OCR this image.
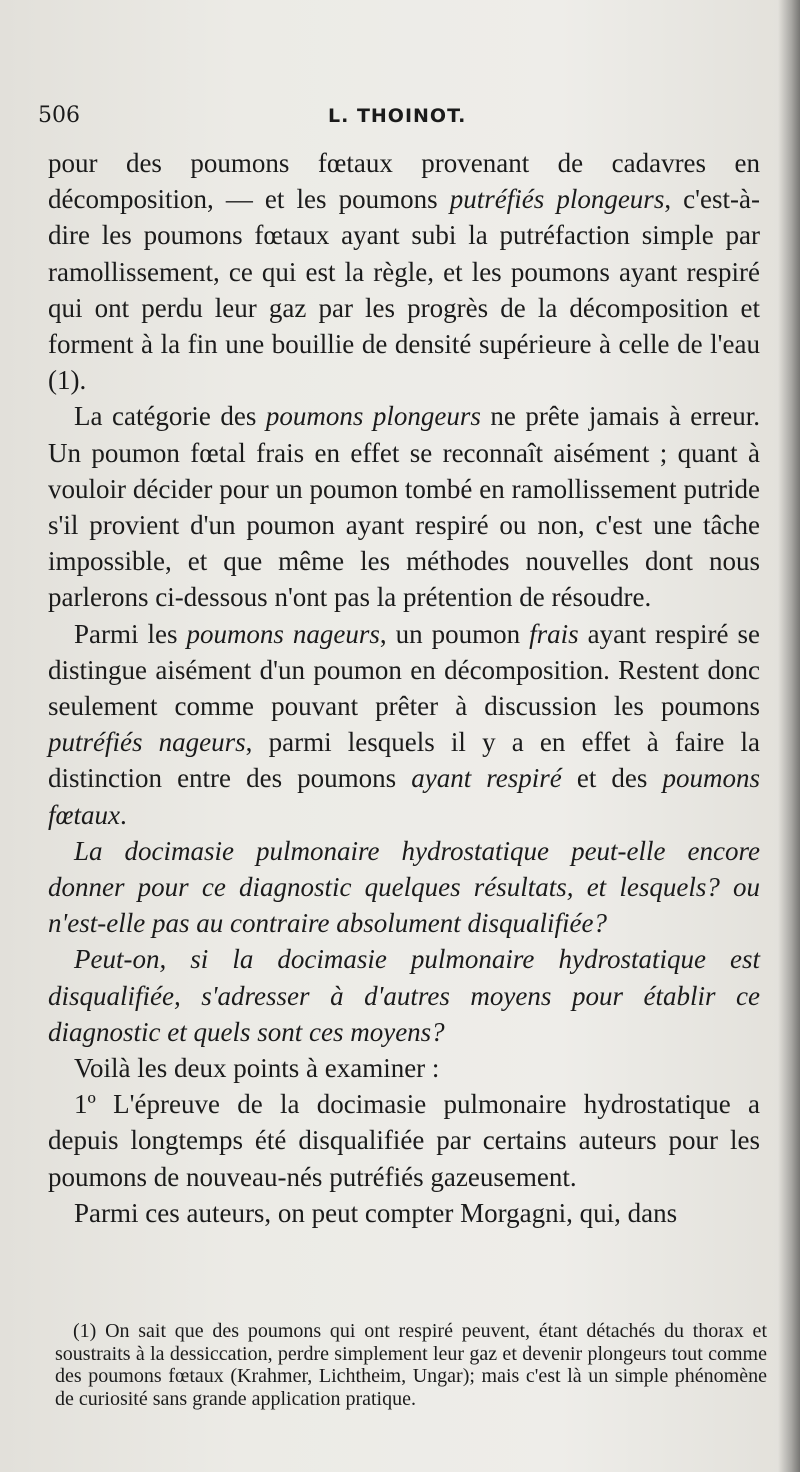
506	L. THOINOT.

pour des poumons fœtaux provenant de cadavres en décomposition, — et les poumons putréfiés plongeurs, c'est-à-dire les poumons fœtaux ayant subi la putréfaction simple par ramollissement, ce qui est la règle, et les poumons ayant respiré qui ont perdu leur gaz par les progrès de la décomposition et forment à la fin une bouillie de densité supérieure à celle de l'eau (1).

La catégorie des poumons plongeurs ne prête jamais à erreur. Un poumon fœtal frais en effet se reconnaît aisément ; quant à vouloir décider pour un poumon tombé en ramollissement putride s'il provient d'un poumon ayant respiré ou non, c'est une tâche impossible, et que même les méthodes nouvelles dont nous parlerons ci-dessous n'ont pas la prétention de résoudre.

Parmi les poumons nageurs, un poumon frais ayant respiré se distingue aisément d'un poumon en décomposition. Restent donc seulement comme pouvant prêter à discussion les poumons putréfiés nageurs, parmi lesquels il y a en effet à faire la distinction entre des poumons ayant respiré et des poumons fœtaux.

La docimasie pulmonaire hydrostatique peut-elle encore donner pour ce diagnostic quelques résultats, et lesquels? ou n'est-elle pas au contraire absolument disqualifiée?

Peut-on, si la docimasie pulmonaire hydrostatique est disqualifiée, s'adresser à d'autres moyens pour établir ce diagnostic et quels sont ces moyens?

Voilà les deux points à examiner :

1º L'épreuve de la docimasie pulmonaire hydrostatique a depuis longtemps été disqualifiée par certains auteurs pour les poumons de nouveau-nés putréfiés gazeusement.

Parmi ces auteurs, on peut compter Morgagni, qui, dans

(1) On sait que des poumons qui ont respiré peuvent, étant détachés du thorax et soustraits à la dessiccation, perdre simplement leur gaz et devenir plongeurs tout comme des poumons fœtaux (Krahmer, Lichtheim, Ungar); mais c'est là un simple phénomène de curiosité sans grande application pratique.
